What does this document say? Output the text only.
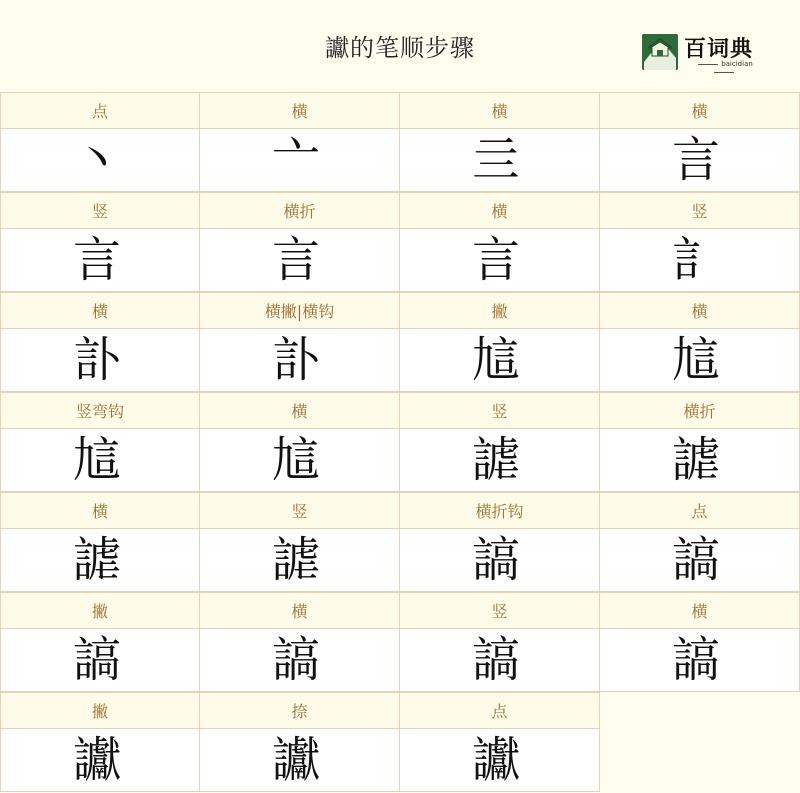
讞的笔顺步骤	百词典
baicidian
点
丶
横
亠
横
亖
横
言
竖
言
横折
言
横
言
竖
訁
横
訃
横撇|横钩
訃
撇
訄
横
訄
竖弯钩
訄
横
訄
竖
謔
横折
謔
横
謔
竖
謔
横折钩
謞
点
謞
撇
謞
横
謞
竖
謞
横
謞
撇
讞
捺
讞
点
讞
